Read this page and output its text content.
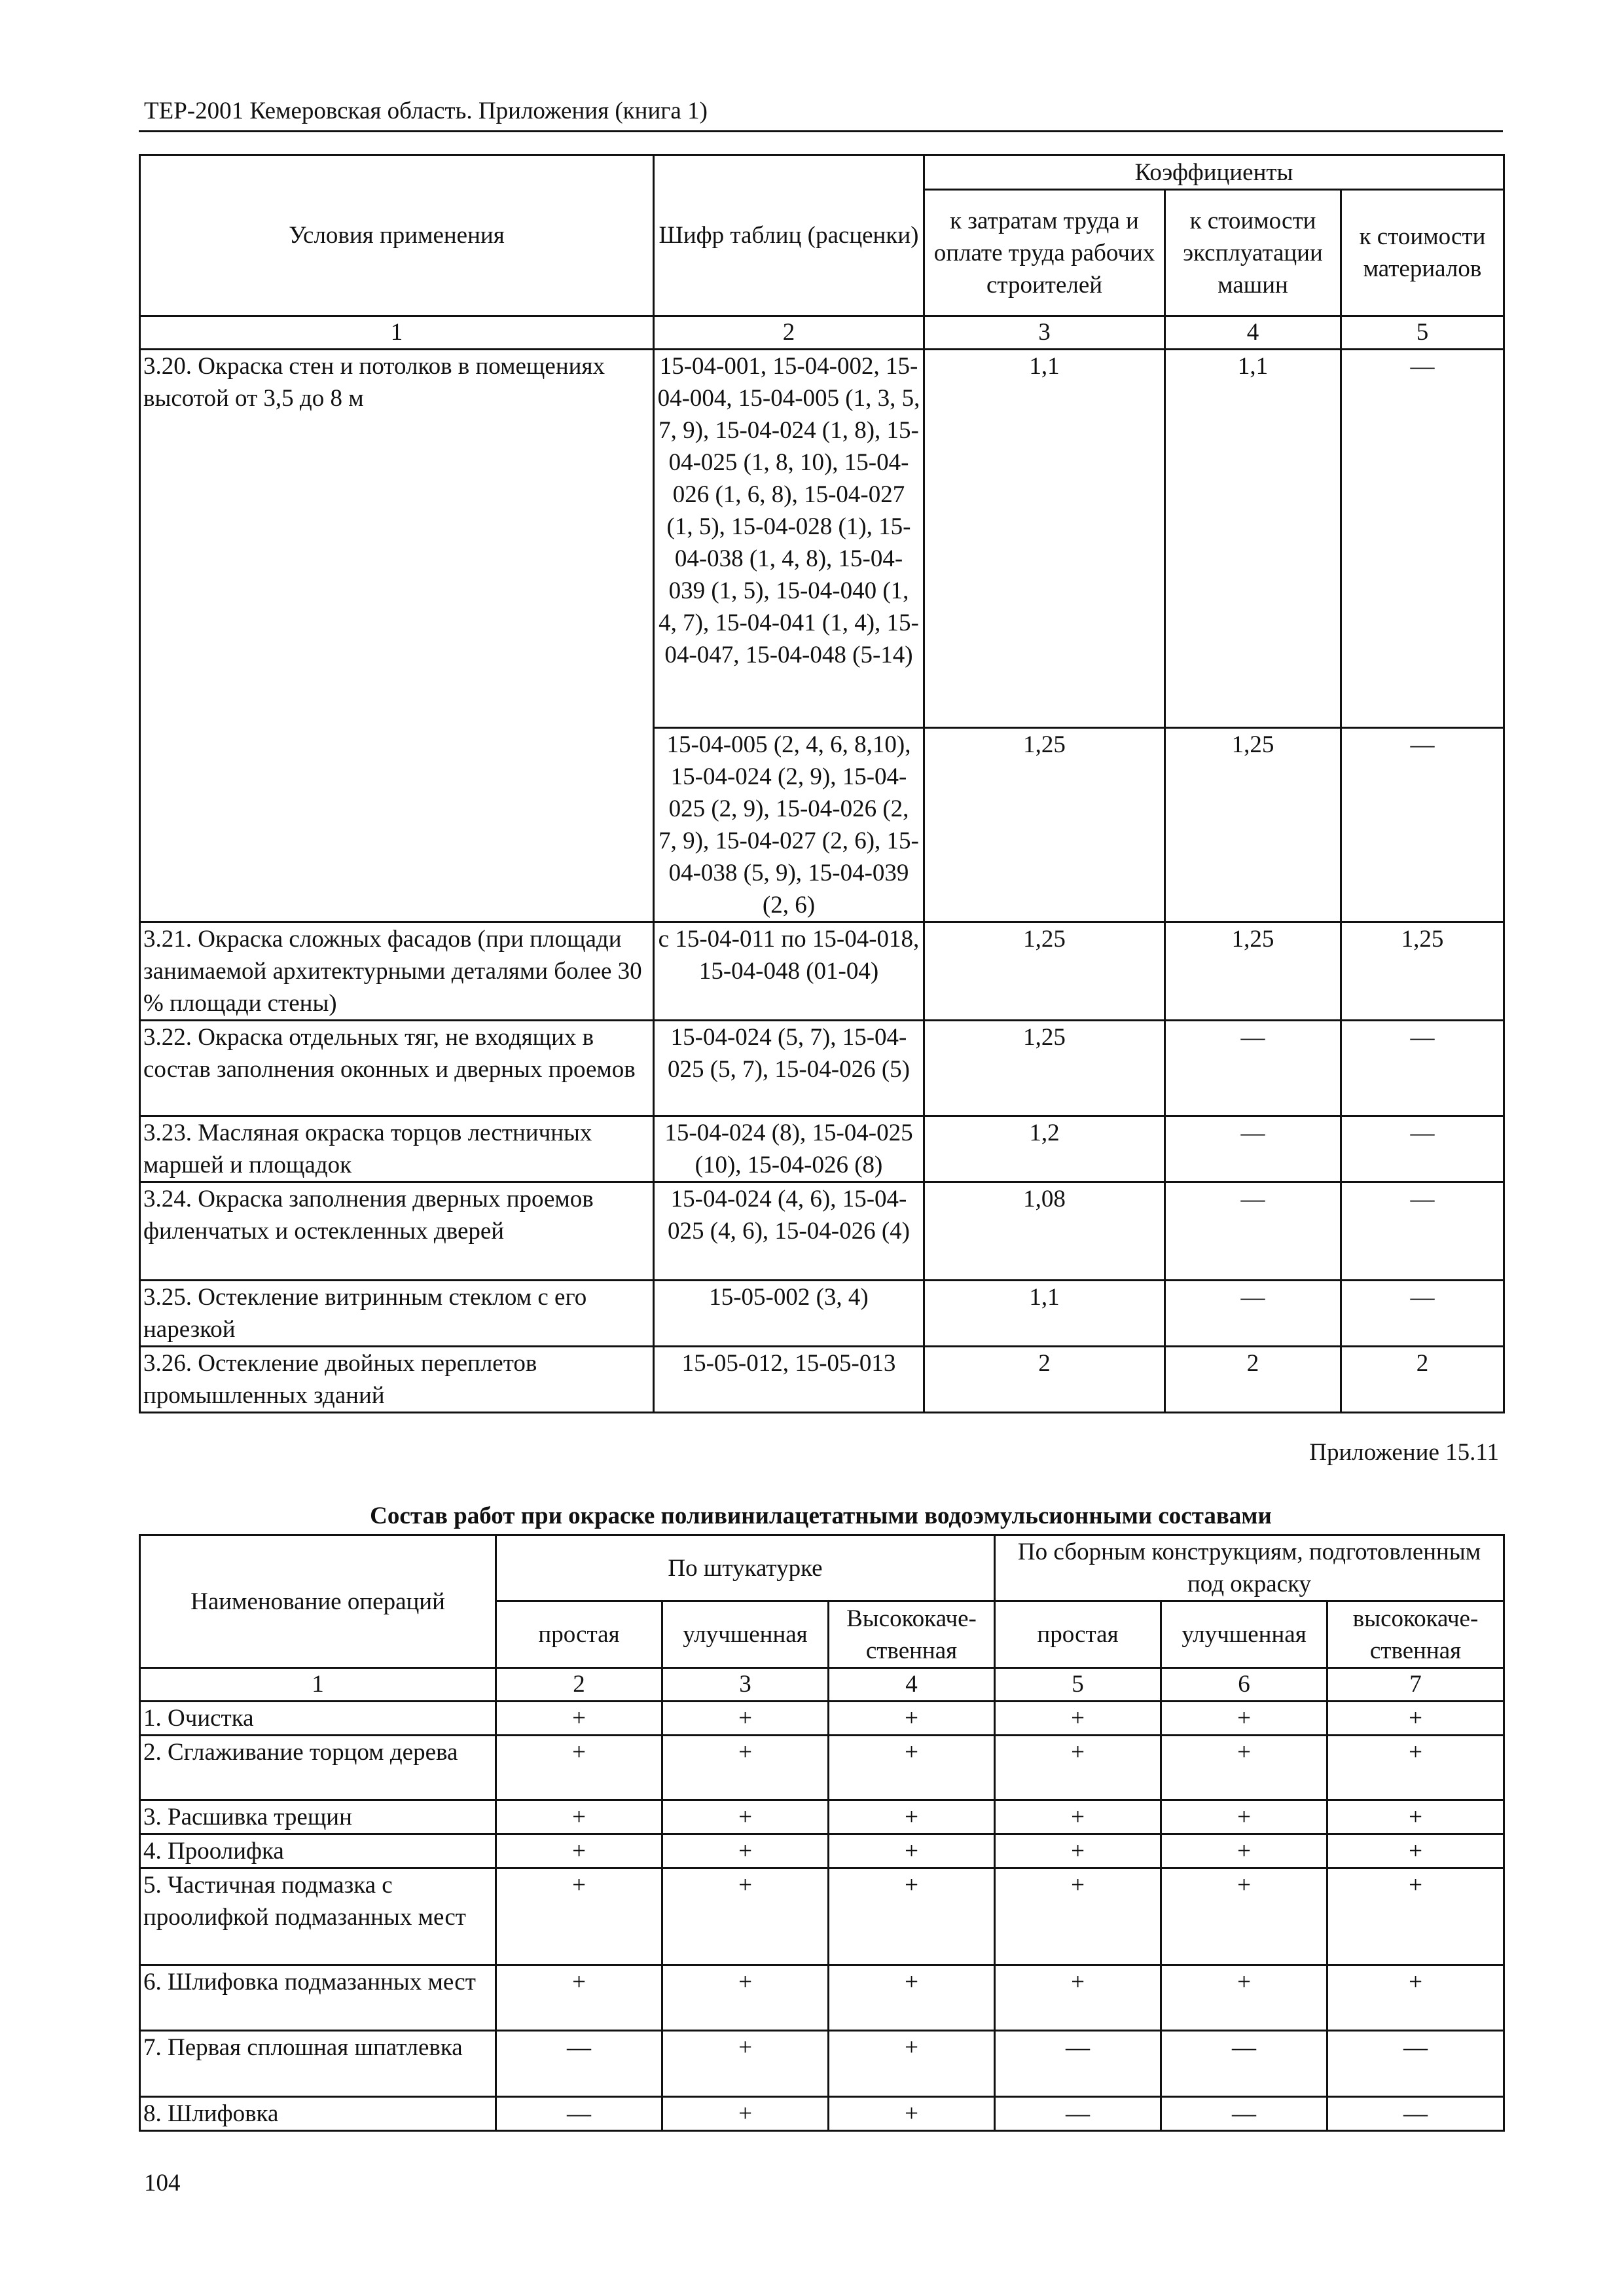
ТЕР-2001 Кемеровская область. Приложения (книга 1)
Условия применения	Шифр таблиц (расценки)	Коэффициенты		
		к затратам труда и оплате труда рабочих строителей	к стоимости эксплуатации машин	к стоимости материалов
1	2	3	4	5
3.20. Окраска стен и потолков в помещениях высотой от 3,5 до 8 м	15-04-001, 15-04-002, 15-04-004, 15-04-005 (1, 3, 5, 7, 9), 15-04-024 (1, 8), 15-04-025 (1, 8, 10), 15-04-026 (1, 6, 8), 15-04-027 (1, 5), 15-04-028 (1), 15-04-038 (1, 4, 8), 15-04-039 (1, 5), 15-04-040 (1, 4, 7), 15-04-041 (1, 4), 15-04-047, 15-04-048 (5-14)	1,1	1,1	—
	15-04-005 (2, 4, 6, 8,10), 15-04-024 (2, 9), 15-04-025 (2, 9), 15-04-026 (2, 7, 9), 15-04-027 (2, 6), 15-04-038 (5, 9), 15-04-039 (2, 6)	1,25	1,25	—
3.21. Окраска сложных фасадов (при площади занимаемой архитектурными деталями более 30 % площади стены)	с 15-04-011 по 15-04-018, 15-04-048 (01-04)	1,25	1,25	1,25
3.22. Окраска отдельных тяг, не входящих в состав заполнения оконных и дверных проемов	15-04-024 (5, 7), 15-04-025 (5, 7), 15-04-026 (5)	1,25	—	—
3.23. Масляная окраска торцов лестничных маршей и площадок	15-04-024 (8), 15-04-025 (10), 15-04-026 (8)	1,2	—	—
3.24. Окраска заполнения дверных проемов филенчатых и остекленных дверей	15-04-024 (4, 6), 15-04-025 (4, 6), 15-04-026 (4)	1,08	—	—
3.25. Остекление витринным стеклом с его нарезкой	15-05-002 (3, 4)	1,1	—	—
3.26. Остекление двойных переплетов промышленных зданий	15-05-012, 15-05-013	2	2	2
Приложение 15.11
Состав работ при окраске поливинилацетатными водоэмульсионными составами
Наименование операций	По штукатурке			По сборным конструкциям, подготовленным под окраску		
	простая	улучшенная	Высококаче-ственная	простая	улучшенная	высококаче-ственная
1	2	3	4	5	6	7
1. Очистка	+	+	+	+	+	+
2. Сглаживание торцом дерева	+	+	+	+	+	+
3. Расшивка трещин	+	+	+	+	+	+
4. Проолифка	+	+	+	+	+	+
5. Частичная подмазка с проолифкой подмазанных мест	+	+	+	+	+	+
6. Шлифовка подмазанных мест	+	+	+	+	+	+
7. Первая сплошная шпатлевка	—	+	+	—	—	—
8. Шлифовка	—	+	+	—	—	—
104
